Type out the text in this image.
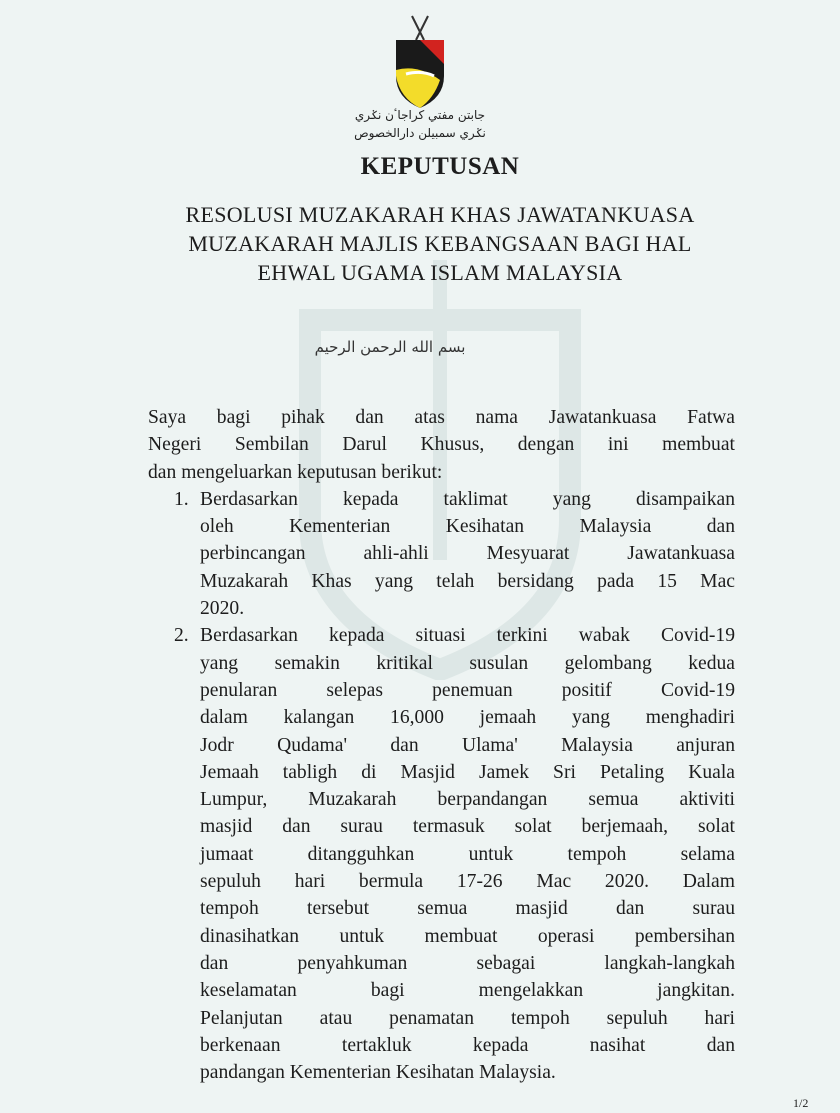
جابتن مفتي كراجاٴن نݢري
نݢري سمبيلن دارالخصوص
KEPUTUSAN
RESOLUSI MUZAKARAH KHAS JAWATANKUASA
MUZAKARAH MAJLIS KEBANGSAAN BAGI HAL
EHWAL UGAMA ISLAM MALAYSIA
بسم الله الرحمن الرحيم
Saya bagi pihak dan atas nama Jawatankuasa Fatwa
Negeri Sembilan Darul Khusus, dengan ini membuat
dan mengeluarkan keputusan berikut:
1. Berdasarkan kepada taklimat yang disampaikan
oleh Kementerian Kesihatan Malaysia dan
perbincangan ahli-ahli Mesyuarat Jawatankuasa
Muzakarah Khas yang telah bersidang pada 15 Mac
2020.
2. Berdasarkan kepada situasi terkini wabak Covid-19
yang semakin kritikal susulan gelombang kedua
penularan selepas penemuan positif Covid-19
dalam kalangan 16,000 jemaah yang menghadiri
Jodr Qudama' dan Ulama' Malaysia anjuran
Jemaah tabligh di Masjid Jamek Sri Petaling Kuala
Lumpur, Muzakarah berpandangan semua aktiviti
masjid dan surau termasuk solat berjemaah, solat
jumaat ditangguhkan untuk tempoh selama
sepuluh hari bermula 17-26 Mac 2020. Dalam
tempoh tersebut semua masjid dan surau
dinasihatkan untuk membuat operasi pembersihan
dan penyahkuman sebagai langkah-langkah
keselamatan bagi mengelakkan jangkitan.
Pelanjutan atau penamatan tempoh sepuluh hari
berkenaan tertakluk kepada nasihat dan
pandangan Kementerian Kesihatan Malaysia.
1/2
